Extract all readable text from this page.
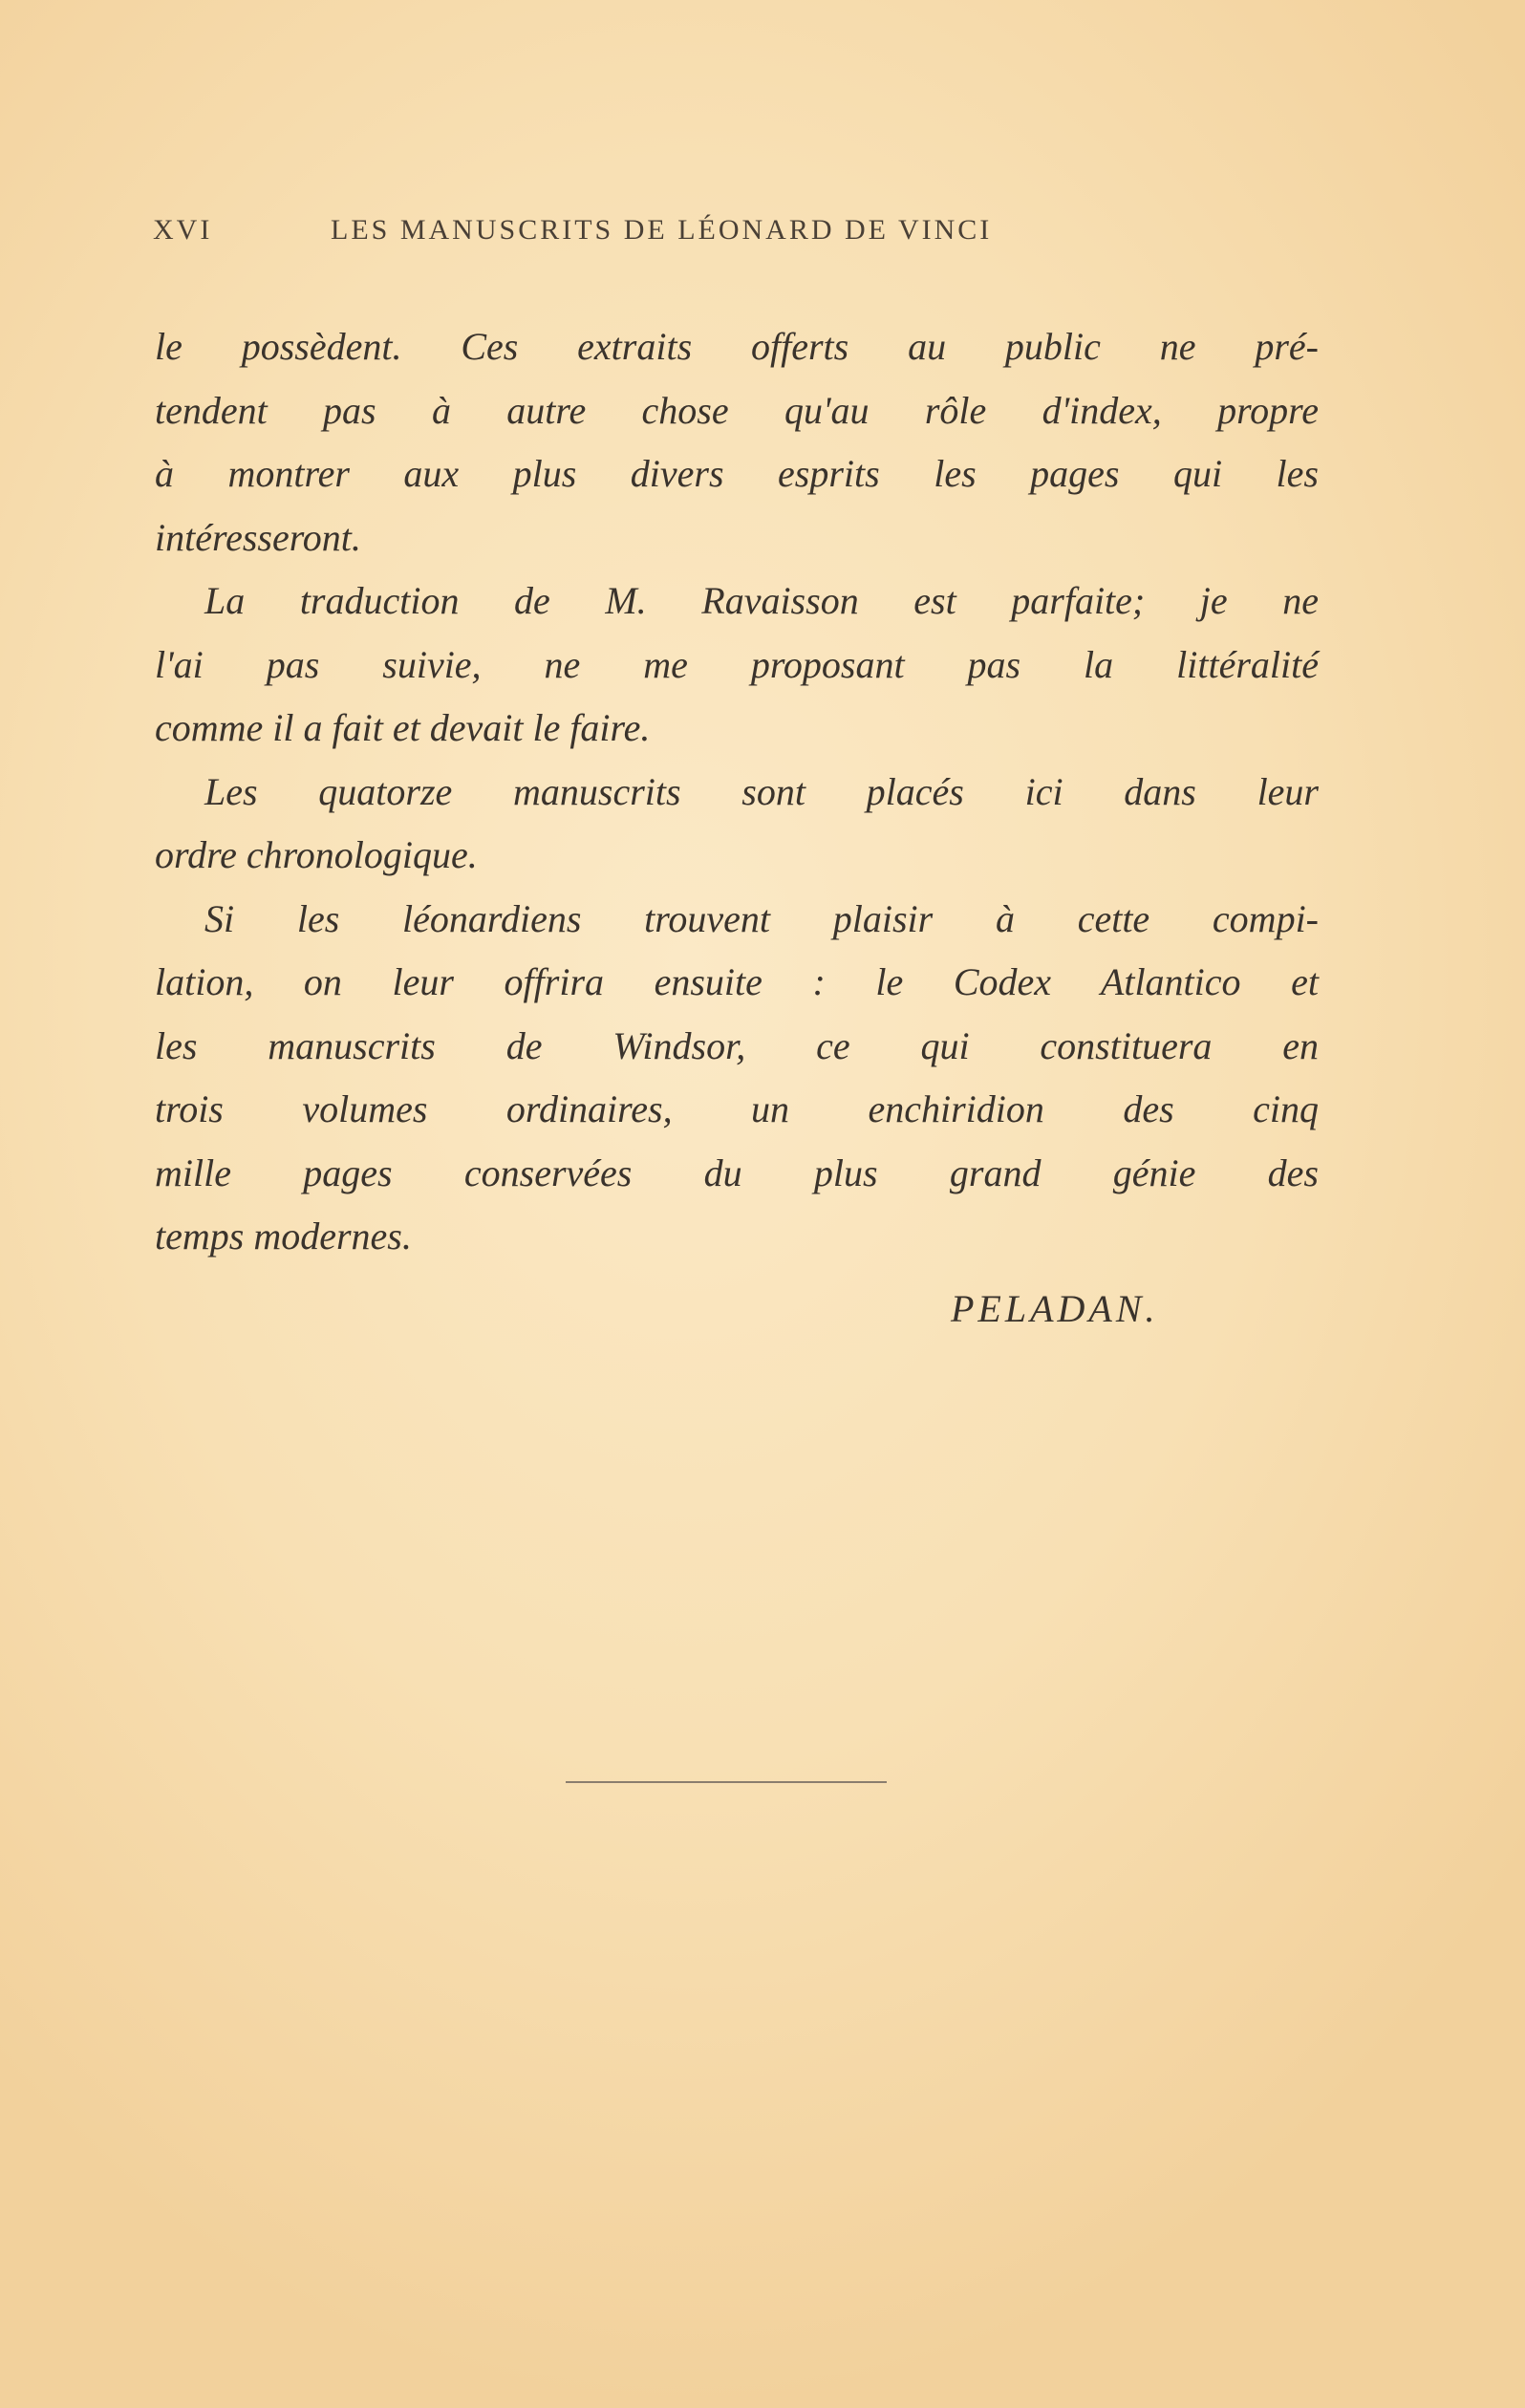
XVI	LES MANUSCRITS DE LÉONARD DE VINCI
le possèdent. Ces extraits offerts au public ne pré-
tendent pas à autre chose qu'au rôle d'index, propre
à montrer aux plus divers esprits les pages qui les
intéresseront.
La traduction de M. Ravaisson est parfaite; je ne
l'ai pas suivie, ne me proposant pas la littéralité
comme il a fait et devait le faire.
Les quatorze manuscrits sont placés ici dans leur
ordre chronologique.
Si les léonardiens trouvent plaisir à cette compi-
lation, on leur offrira ensuite : le Codex Atlantico et
les manuscrits de Windsor, ce qui constituera en
trois volumes ordinaires, un enchiridion des cinq
mille pages conservées du plus grand génie des
temps modernes.
PELADAN.
